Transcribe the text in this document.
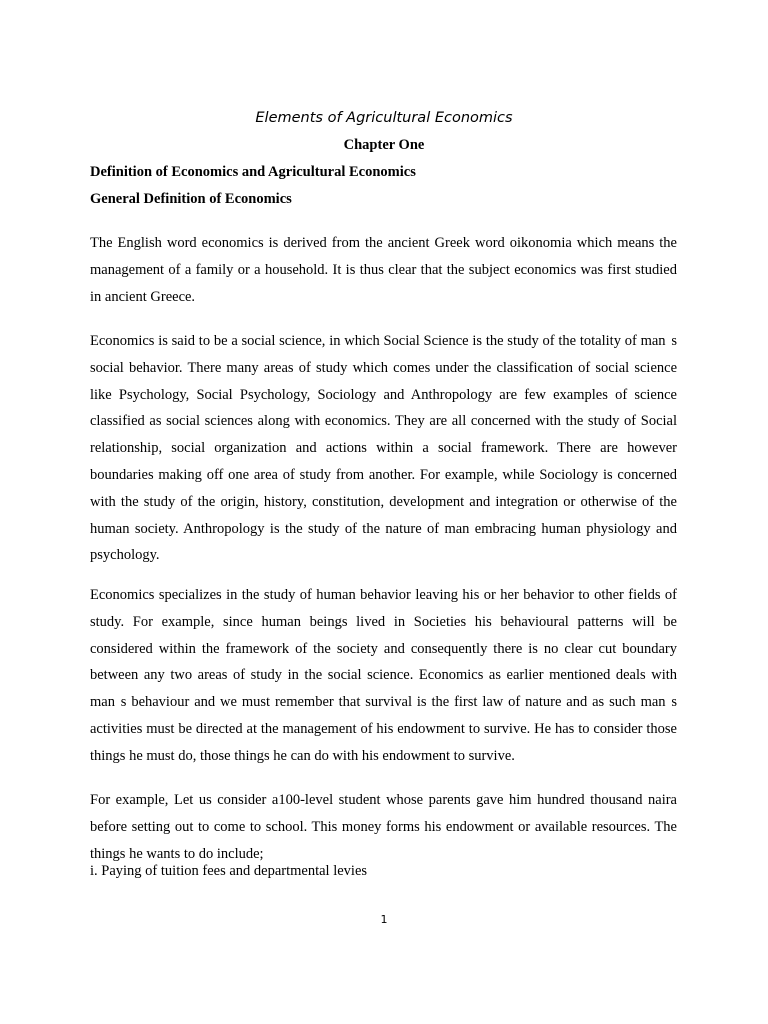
Elements of Agricultural Economics
Chapter One
Definition of Economics and Agricultural Economics
General Definition of Economics

The English word economics is derived from the ancient Greek word oikonomia which means the management of a family or a household. It is thus clear that the subject economics was first studied in ancient Greece.

Economics is said to be a social science, in which Social Science is the study of the totality of man  s social behavior. There many areas of study which comes under the classification of social science like Psychology, Social Psychology, Sociology and Anthropology are few examples of science classified as social sciences along with economics. They are all concerned with the study of Social relationship, social organization and actions within a social framework. There are however boundaries making off one area of study from another. For example, while Sociology is concerned with the study of the origin, history, constitution, development and integration or otherwise of the human society. Anthropology is the study of the nature of man embracing human physiology and psychology.

Economics specializes in the study of human behavior leaving his or her behavior to other fields of study. For example, since human beings lived in Societies his behavioural patterns will be considered within the framework of the society and consequently there is no clear cut boundary between any two areas of study in the social science. Economics as earlier mentioned deals with man  s behaviour and we must remember that survival is the first law of nature and as such man  s activities must be directed at the management of his endowment to survive. He has to consider those things he must do, those things he can do with his endowment to survive.

For example, Let us consider a100-level student whose parents gave him hundred thousand naira before setting out to come to school. This money forms his endowment or available resources. The things he wants to do include;

i. Paying of tuition fees and departmental levies

1
